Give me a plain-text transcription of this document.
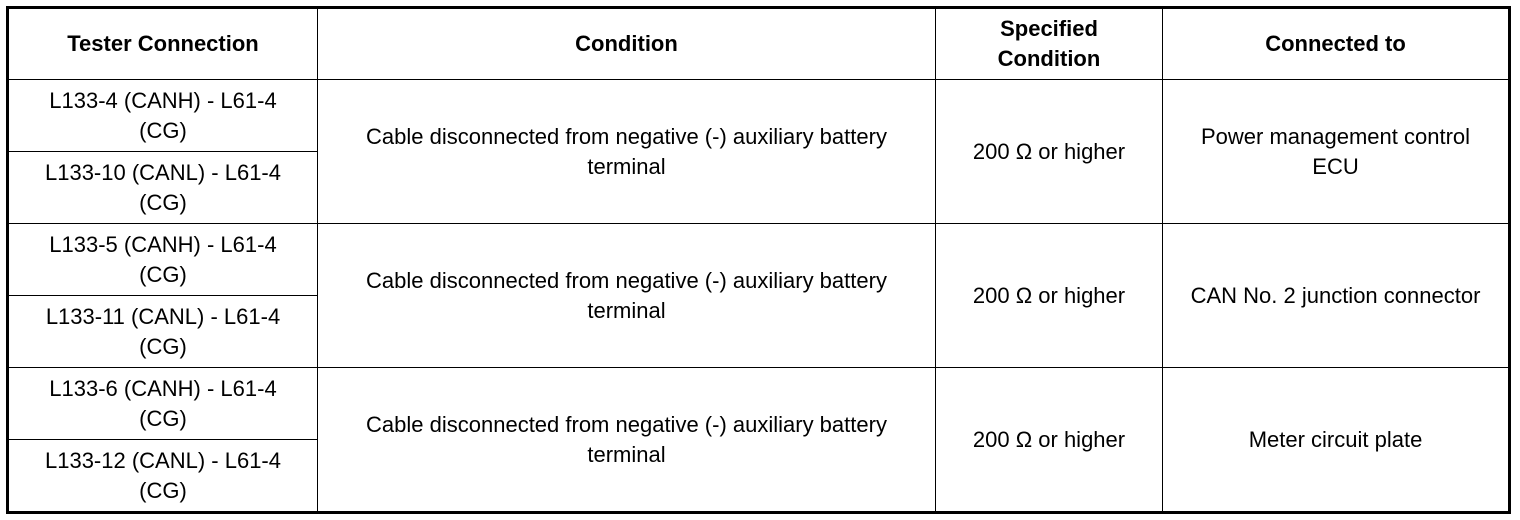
Tester Connection	Condition	Specified Condition	Connected to
L133-4 (CANH) - L61-4 (CG)	Cable disconnected from negative (-) auxiliary battery terminal	200 Ω or higher	Power management control ECU
L133-10 (CANL) - L61-4 (CG)			
L133-5 (CANH) - L61-4 (CG)	Cable disconnected from negative (-) auxiliary battery terminal	200 Ω or higher	CAN No. 2 junction connector
L133-11 (CANL) - L61-4 (CG)			
L133-6 (CANH) - L61-4 (CG)	Cable disconnected from negative (-) auxiliary battery terminal	200 Ω or higher	Meter circuit plate
L133-12 (CANL) - L61-4 (CG)			
